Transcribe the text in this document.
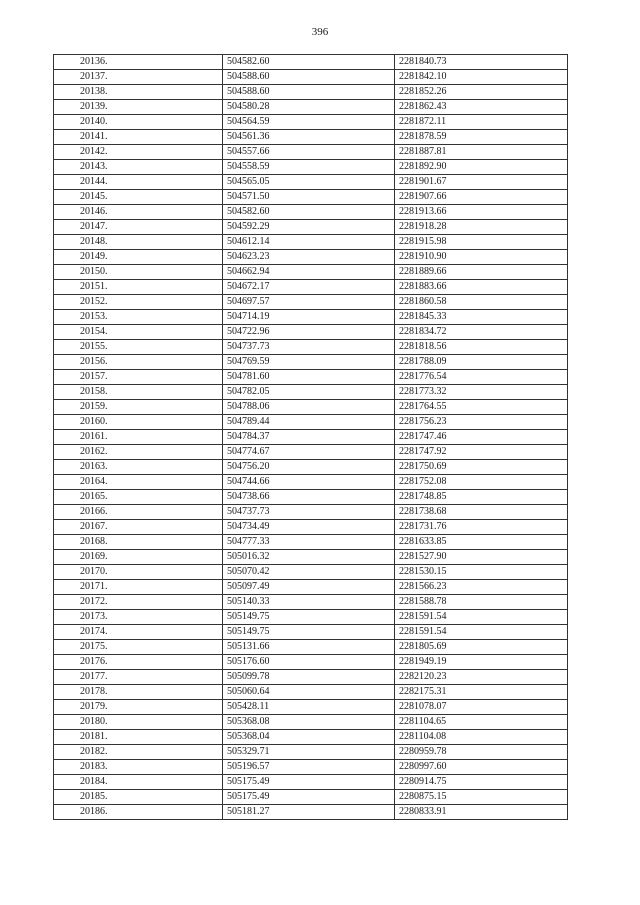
396
20136.	504582.60	2281840.73
20137.	504588.60	2281842.10
20138.	504588.60	2281852.26
20139.	504580.28	2281862.43
20140.	504564.59	2281872.11
20141.	504561.36	2281878.59
20142.	504557.66	2281887.81
20143.	504558.59	2281892.90
20144.	504565.05	2281901.67
20145.	504571.50	2281907.66
20146.	504582.60	2281913.66
20147.	504592.29	2281918.28
20148.	504612.14	2281915.98
20149.	504623.23	2281910.90
20150.	504662.94	2281889.66
20151.	504672.17	2281883.66
20152.	504697.57	2281860.58
20153.	504714.19	2281845.33
20154.	504722.96	2281834.72
20155.	504737.73	2281818.56
20156.	504769.59	2281788.09
20157.	504781.60	2281776.54
20158.	504782.05	2281773.32
20159.	504788.06	2281764.55
20160.	504789.44	2281756.23
20161.	504784.37	2281747.46
20162.	504774.67	2281747.92
20163.	504756.20	2281750.69
20164.	504744.66	2281752.08
20165.	504738.66	2281748.85
20166.	504737.73	2281738.68
20167.	504734.49	2281731.76
20168.	504777.33	2281633.85
20169.	505016.32	2281527.90
20170.	505070.42	2281530.15
20171.	505097.49	2281566.23
20172.	505140.33	2281588.78
20173.	505149.75	2281591.54
20174.	505149.75	2281591.54
20175.	505131.66	2281805.69
20176.	505176.60	2281949.19
20177.	505099.78	2282120.23
20178.	505060.64	2282175.31
20179.	505428.11	2281078.07
20180.	505368.08	2281104.65
20181.	505368.04	2281104.08
20182.	505329.71	2280959.78
20183.	505196.57	2280997.60
20184.	505175.49	2280914.75
20185.	505175.49	2280875.15
20186.	505181.27	2280833.91
